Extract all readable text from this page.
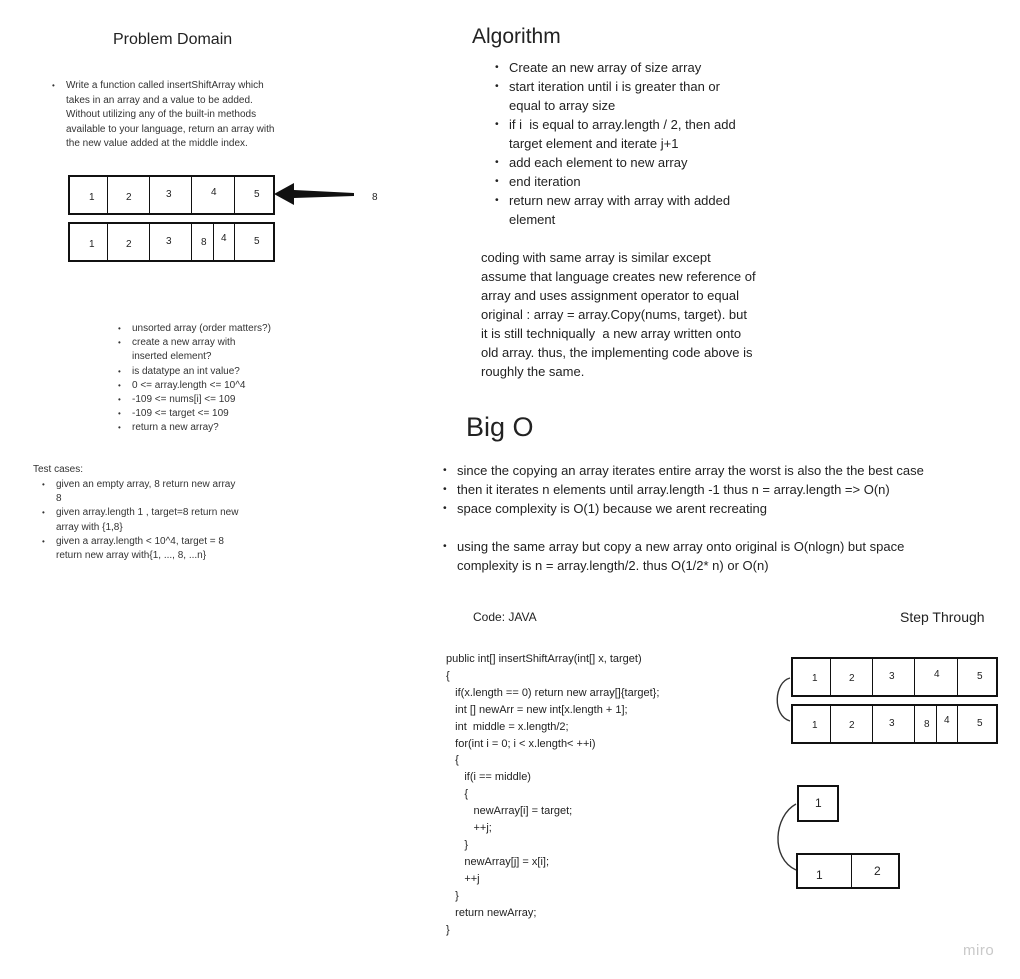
Problem Domain
• Write a function called insertShiftArray which
takes in an array and a value to be added.
Without utilizing any of the built-in methods
available to your language, return an array with
the new value added at the middle index.
1	2	3	4	5	8
1	2	3	8 4	5
• unsorted array (order matters?)
• create a new array with
inserted element?
• is datatype an int value?
• 0 <= array.length <= 10^4
• -109 <= nums[i] <= 109
• -109 <= target <= 109
• return a new array?
Test cases:
• given an empty array, 8 return new array
8
• given array.length 1 , target=8 return new
array with {1,8}
• given a array.length < 10^4, target = 8
return new array with{1, ..., 8, ...n}
Algorithm
• Create an new array of size array
• start iteration until i is greater than or
equal to array size
• if i  is equal to array.length / 2, then add
target element and iterate j+1
• add each element to new array
• end iteration
• return new array with array with added
element
coding with same array is similar except
assume that language creates new reference of
array and uses assignment operator to equal
original : array = array.Copy(nums, target). but
it is still techniqually  a new array written onto
old array. thus, the implementing code above is
roughly the same.
Big O
• since the copying an array iterates entire array the worst is also the the best case
• then it iterates n elements until array.length -1 thus n = array.length => O(n)
• space complexity is O(1) because we arent recreating
• using the same array but copy a new array onto original is O(nlogn) but space
complexity is n = array.length/2. thus O(1/2* n) or O(n)
Code: JAVA
public int[] insertShiftArray(int[] x, target)
{
if(x.length == 0) return new array[]{target};
int [] newArr = new int[x.length + 1];
int  middle = x.length/2;
for(int i = 0; i < x.length< ++i)
{
if(i == middle)
{
newArray[i] = target;
++j;
}
newArray[j] = x[i];
++j
}
return newArray;
}
Step Through
1	2	3	4	5
1	2	3	8 4	5
1
1	2
miro
